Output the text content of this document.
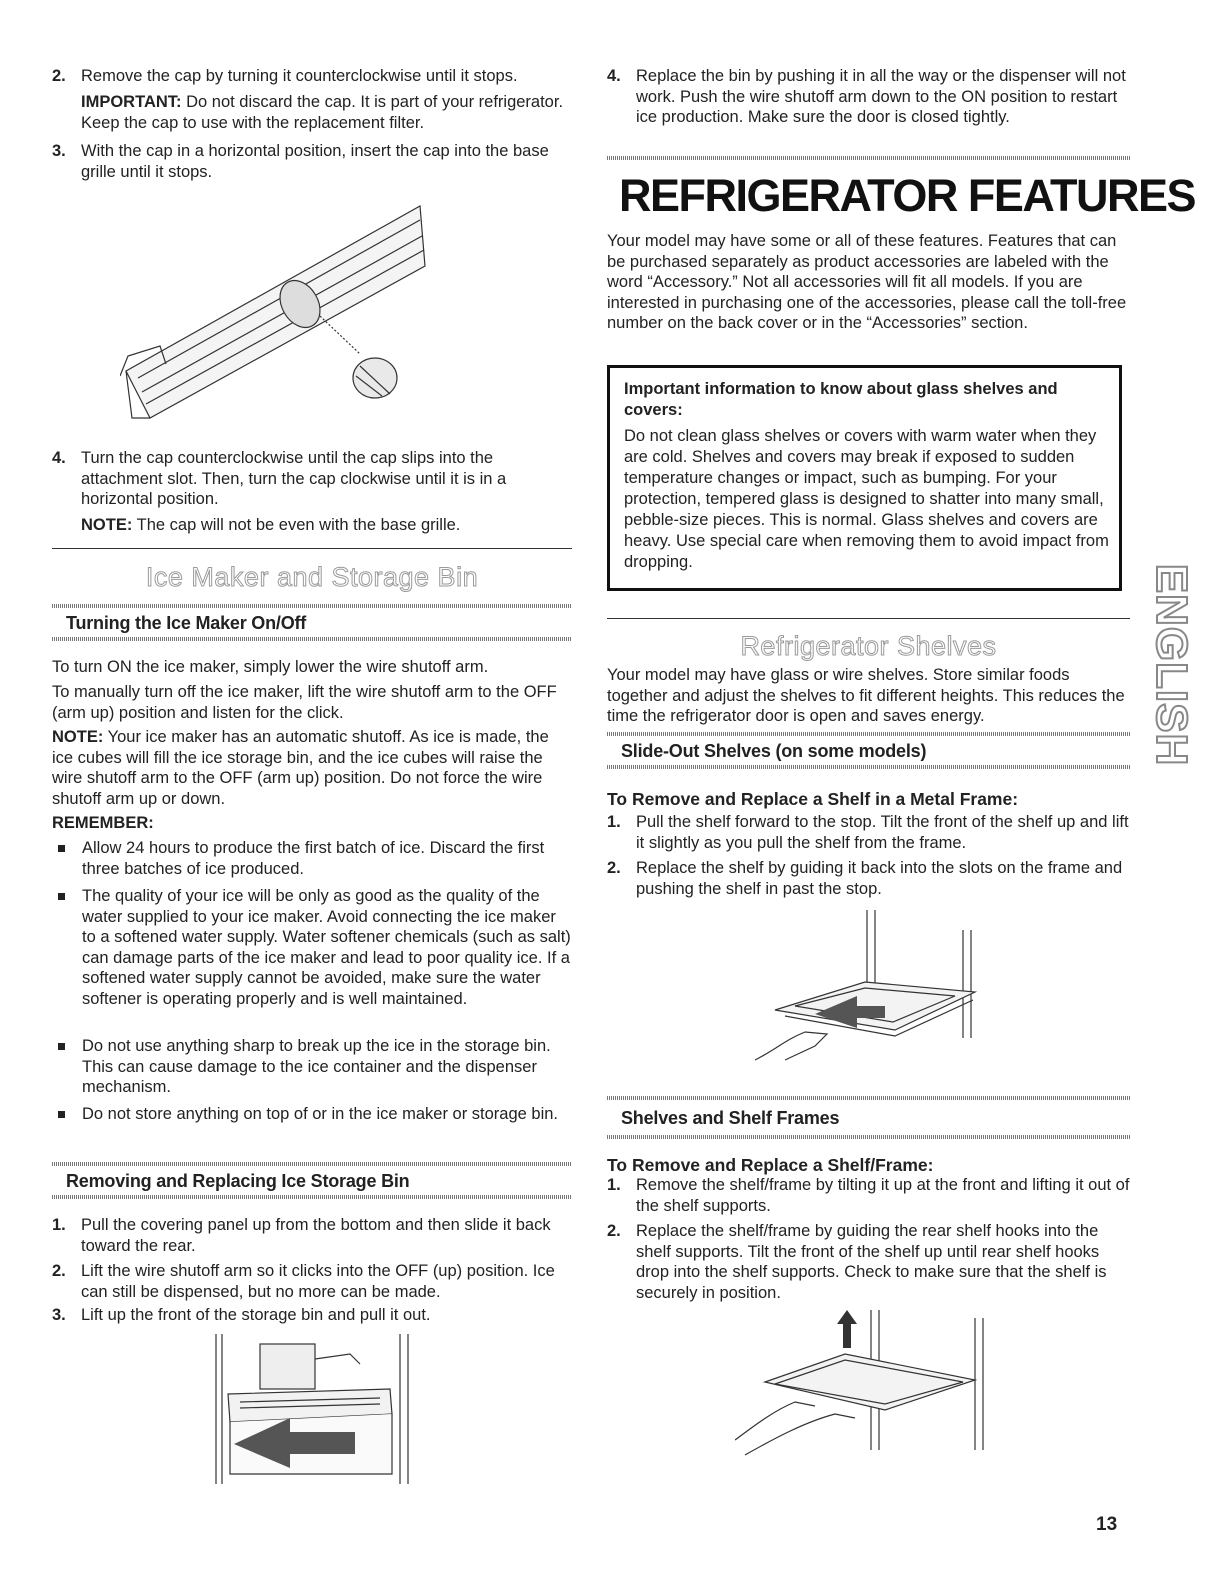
2. Remove the cap by turning it counterclockwise until it stops.
IMPORTANT: Do not discard the cap. It is part of your refrigerator. Keep the cap to use with the replacement filter.
3. With the cap in a horizontal position, insert the cap into the base grille until it stops.
4. Turn the cap counterclockwise until the cap slips into the attachment slot. Then, turn the cap clockwise until it is in a horizontal position.
NOTE: The cap will not be even with the base grille.
Ice Maker and Storage Bin
Turning the Ice Maker On/Off

To turn ON the ice maker, simply lower the wire shutoff arm.

To manually turn off the ice maker, lift the wire shutoff arm to the OFF (arm up) position and listen for the click.

NOTE: Your ice maker has an automatic shutoff. As ice is made, the ice cubes will fill the ice storage bin, and the ice cubes will raise the wire shutoff arm to the OFF (arm up) position. Do not force the wire shutoff arm up or down.

REMEMBER:

Allow 24 hours to produce the first batch of ice. Discard the first three batches of ice produced.
The quality of your ice will be only as good as the quality of the water supplied to your ice maker. Avoid connecting the ice maker to a softened water supply. Water softener chemicals (such as salt) can damage parts of the ice maker and lead to poor quality ice. If a softened water supply cannot be avoided, make sure the water softener is operating properly and is well maintained.
Do not use anything sharp to break up the ice in the storage bin. This can cause damage to the ice container and the dispenser mechanism.
Do not store anything on top of or in the ice maker or storage bin.
Removing and Replacing Ice Storage Bin
1. Pull the covering panel up from the bottom and then slide it back toward the rear.
2. Lift the wire shutoff arm so it clicks into the OFF (up) position. Ice can still be dispensed, but no more can be made.
3. Lift up the front of the storage bin and pull it out.
4. Replace the bin by pushing it in all the way or the dispenser will not work. Push the wire shutoff arm down to the ON position to restart ice production. Make sure the door is closed tightly.
REFRIGERATOR FEATURES

Your model may have some or all of these features. Features that can be purchased separately as product accessories are labeled with the word “Accessory.” Not all accessories will fit all models. If you are interested in purchasing one of the accessories, please call the toll-free number on the back cover or in the “Accessories” section.

Important information to know about glass shelves and covers:
Do not clean glass shelves or covers with warm water when they are cold. Shelves and covers may break if exposed to sudden temperature changes or impact, such as bumping. For your protection, tempered glass is designed to shatter into many small, pebble-size pieces. This is normal. Glass shelves and covers are heavy. Use special care when removing them to avoid impact from dropping.
Refrigerator Shelves

Your model may have glass or wire shelves. Store similar foods together and adjust the shelves to fit different heights. This reduces the time the refrigerator door is open and saves energy.

Slide-Out Shelves (on some models)
To Remove and Replace a Shelf in a Metal Frame:
1. Pull the shelf forward to the stop. Tilt the front of the shelf up and lift it slightly as you pull the shelf from the frame.
2. Replace the shelf by guiding it back into the slots on the frame and pushing the shelf in past the stop.
Shelves and Shelf Frames
To Remove and Replace a Shelf/Frame:
1. Remove the shelf/frame by tilting it up at the front and lifting it out of the shelf supports.
2. Replace the shelf/frame by guiding the rear shelf hooks into the shelf supports. Tilt the front of the shelf up until rear shelf hooks drop into the shelf supports. Check to make sure that the shelf is securely in position.
ENGLISH
13
